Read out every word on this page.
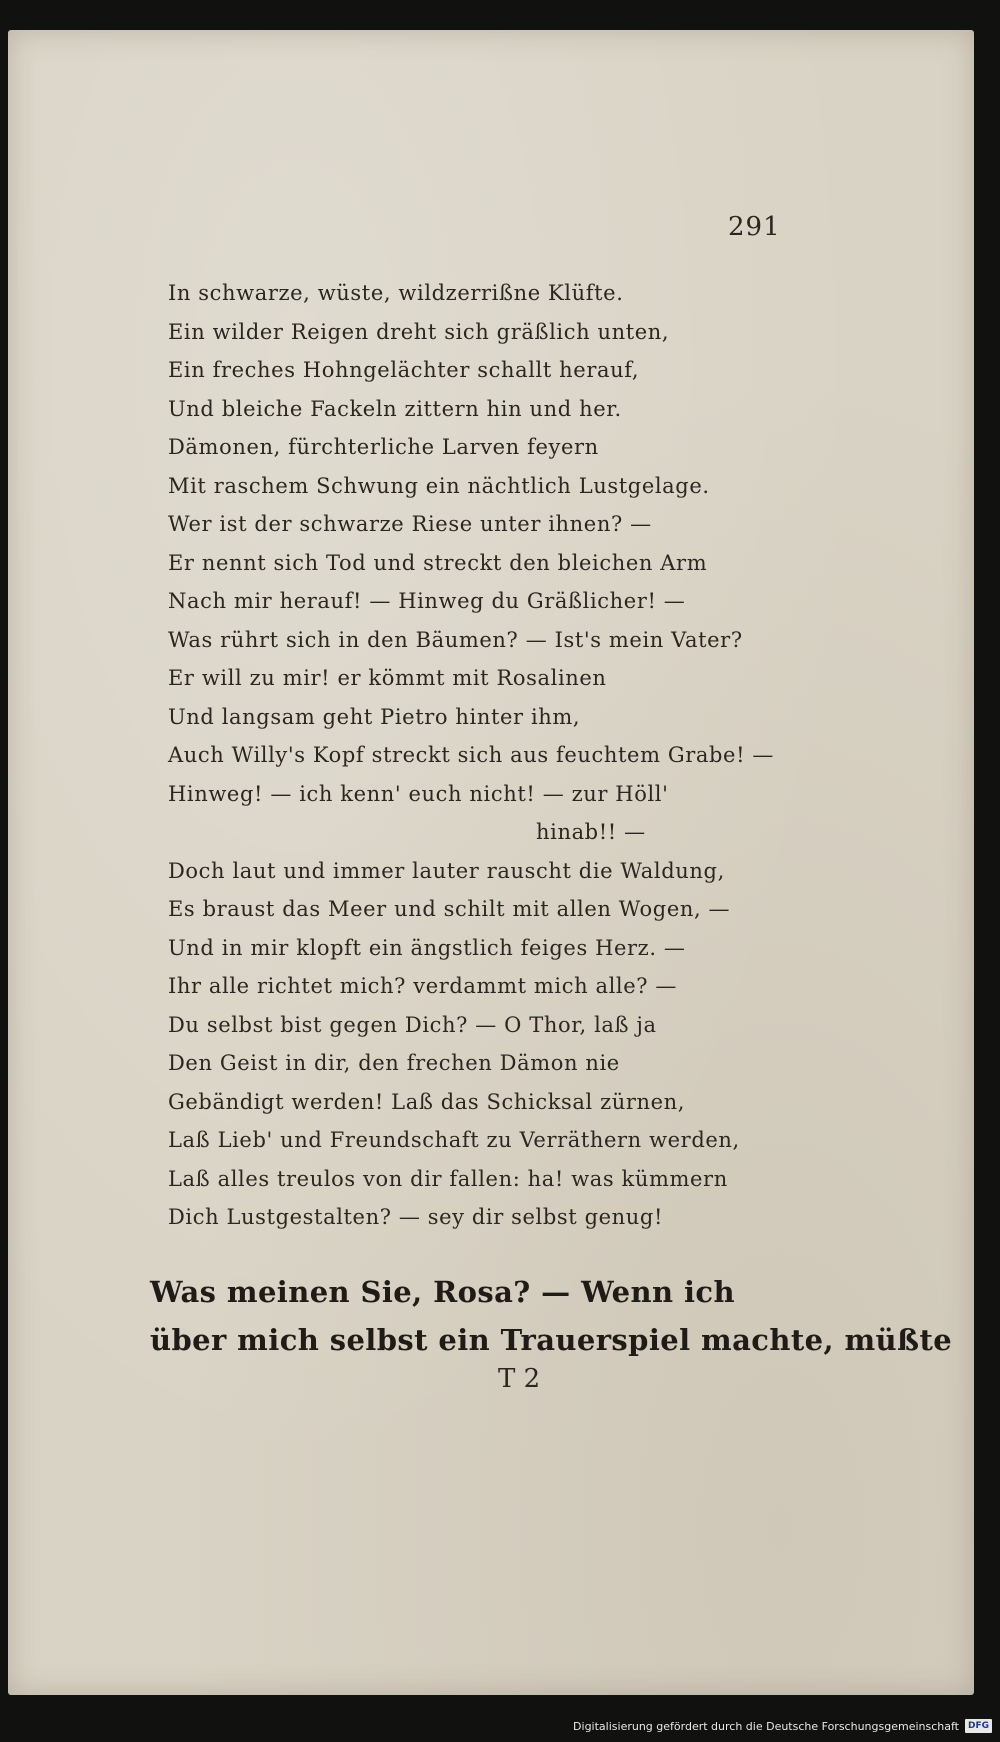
291
In schwarze, wüste, wildzerrißne Klüfte.
Ein wilder Reigen dreht sich gräßlich unten,
Ein freches Hohngelächter schallt herauf,
Und bleiche Fackeln zittern hin und her.
Dämonen, fürchterliche Larven feyern
Mit raschem Schwung ein nächtlich Lustgelage.
Wer ist der schwarze Riese unter ihnen? —
Er nennt sich Tod und streckt den bleichen Arm
Nach mir herauf! — Hinweg du Gräßlicher! —
Was rührt sich in den Bäumen? — Ist's mein Vater?
Er will zu mir! er kömmt mit Rosalinen
Und langsam geht Pietro hinter ihm,
Auch Willy's Kopf streckt sich aus feuchtem Grabe! —
Hinweg! — ich kenn' euch nicht! — zur Höll'
hinab!! —
Doch laut und immer lauter rauscht die Waldung,
Es braust das Meer und schilt mit allen Wogen, —
Und in mir klopft ein ängstlich feiges Herz. —
Ihr alle richtet mich? verdammt mich alle? —
Du selbst bist gegen Dich? — O Thor, laß ja
Den Geist in dir, den frechen Dämon nie
Gebändigt werden! Laß das Schicksal zürnen,
Laß Lieb' und Freundschaft zu Verräthern werden,
Laß alles treulos von dir fallen: ha! was kümmern
Dich Lustgestalten? — sey dir selbst genug!
Was meinen Sie, Rosa? — Wenn ich
über mich selbst ein Trauerspiel machte, müßte
T 2
Digitalisierung gefördert durch die Deutsche Forschungsgemeinschaft	DFG
